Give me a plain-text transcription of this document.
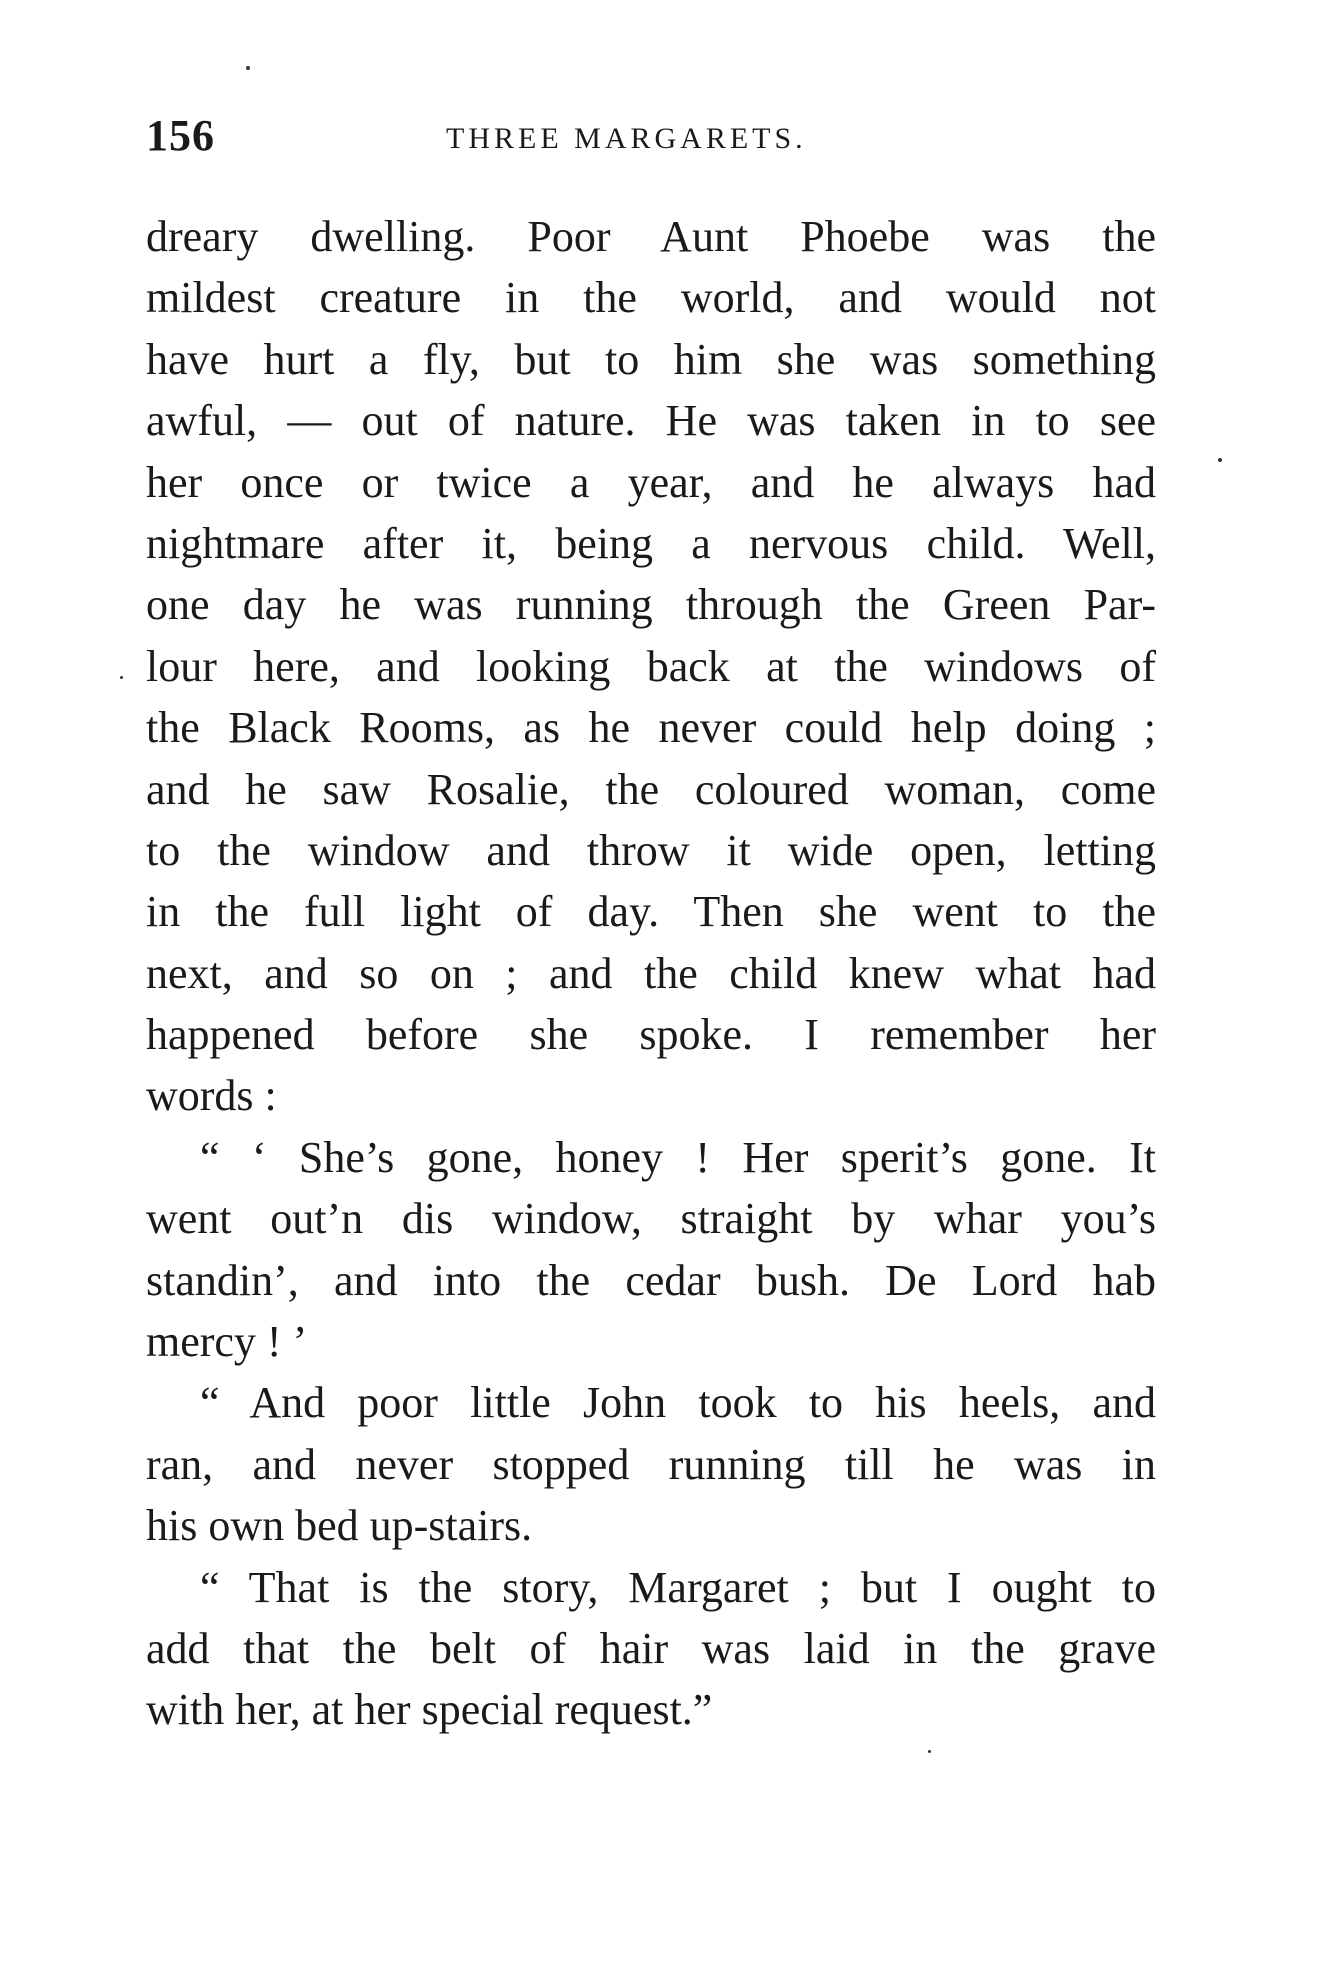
156	THREE MARGARETS.
dreary dwelling. Poor Aunt Phoebe was the
mildest creature in the world, and would not
have hurt a fly, but to him she was something
awful, — out of nature. He was taken in to see
her once or twice a year, and he always had
nightmare after it, being a nervous child. Well,
one day he was running through the Green Par-
lour here, and looking back at the windows of
the Black Rooms, as he never could help doing ;
and he saw Rosalie, the coloured woman, come
to the window and throw it wide open, letting
in the full light of day. Then she went to the
next, and so on ; and the child knew what had
happened before she spoke. I remember her
words :
“ ‘ She’s gone, honey ! Her sperit’s gone. It
went out’n dis window, straight by whar you’s
standin’, and into the cedar bush. De Lord hab
mercy ! ’
“ And poor little John took to his heels, and
ran, and never stopped running till he was in
his own bed up-stairs.
“ That is the story, Margaret ; but I ought to
add that the belt of hair was laid in the grave
with her, at her special request.”
